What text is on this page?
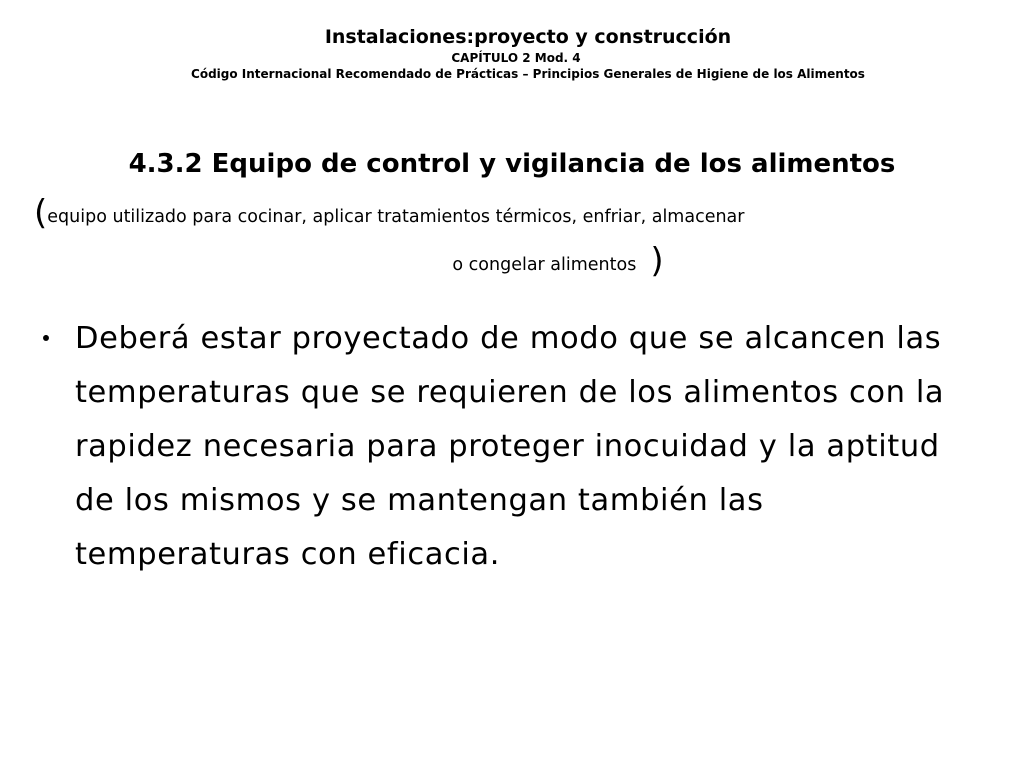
Instalaciones:proyecto y construcción
CAPÍTULO 2 Mod. 4
Código Internacional Recomendado de Prácticas – Principios Generales de Higiene de los Alimentos
4.3.2 Equipo de control y vigilancia de los alimentos
(equipo utilizado para cocinar, aplicar tratamientos térmicos, enfriar, almacenar
o congelar alimentos )
・ Deberá estar proyectado de modo que se alcancen las temperaturas que se requieren de los alimentos con la rapidez necesaria para proteger inocuidad y la aptitud de los mismos y se mantengan también las temperaturas con eficacia.
